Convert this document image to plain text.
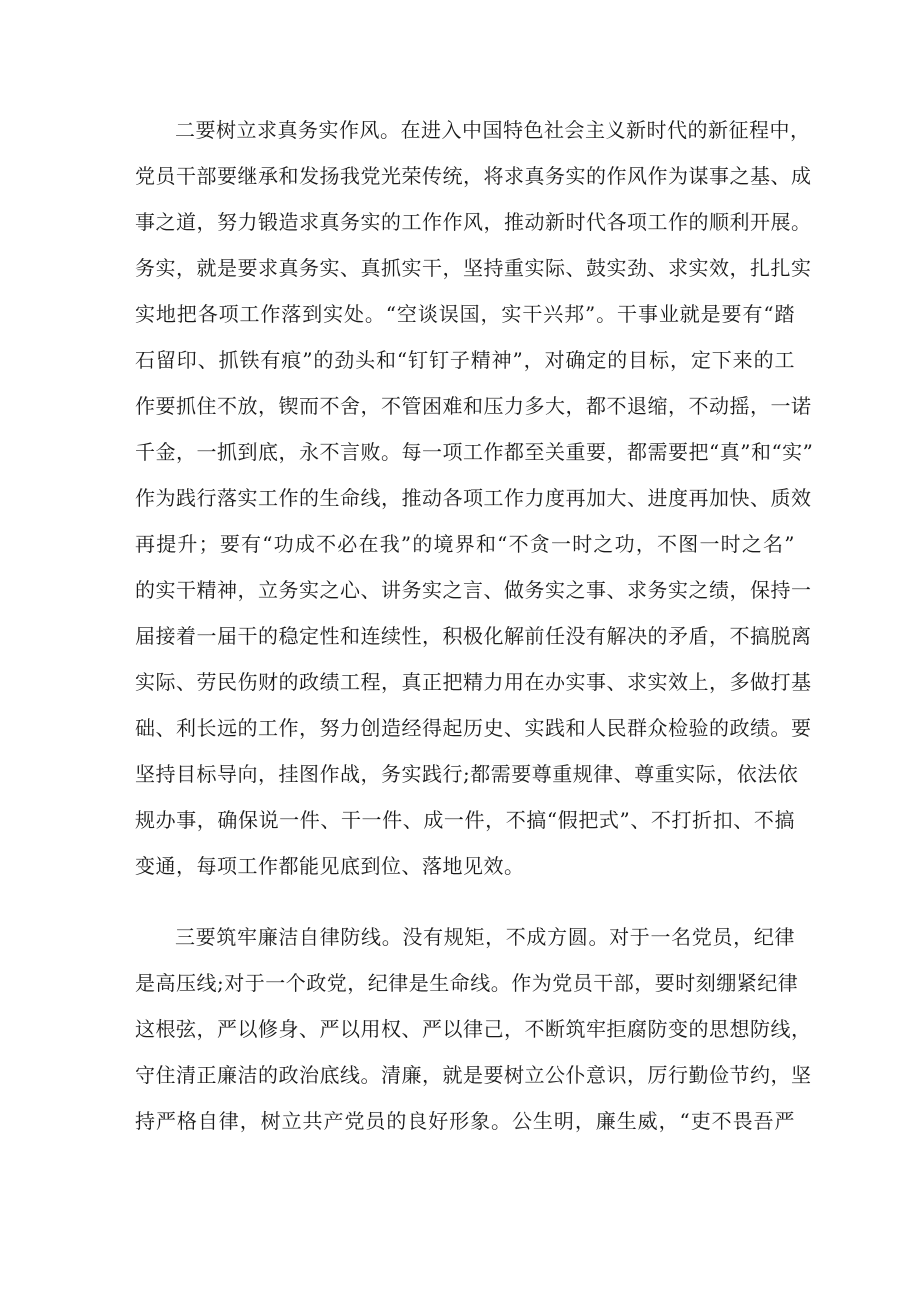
二要树立求真务实作风。在进入中国特色社会主义新时代的新征程中，
党员干部要继承和发扬我党光荣传统，将求真务实的作风作为谋事之基、成
事之道，努力锻造求真务实的工作作风，推动新时代各项工作的顺利开展。
务实，就是要求真务实、真抓实干，坚持重实际、鼓实劲、求实效，扎扎实
实地把各项工作落到实处。“空谈误国，实干兴邦”。干事业就是要有“踏
石留印、抓铁有痕”的劲头和“钉钉子精神”，对确定的目标，定下来的工
作要抓住不放，锲而不舍，不管困难和压力多大，都不退缩，不动摇，一诺
千金，一抓到底，永不言败。每一项工作都至关重要，都需要把“真”和“实”
作为践行落实工作的生命线，推动各项工作力度再加大、进度再加快、质效
再提升；要有“功成不必在我”的境界和“不贪一时之功，不图一时之名”
的实干精神，立务实之心、讲务实之言、做务实之事、求务实之绩，保持一
届接着一届干的稳定性和连续性，积极化解前任没有解决的矛盾，不搞脱离
实际、劳民伤财的政绩工程，真正把精力用在办实事、求实效上，多做打基
础、利长远的工作，努力创造经得起历史、实践和人民群众检验的政绩。要
坚持目标导向，挂图作战，务实践行;都需要尊重规律、尊重实际，依法依
规办事，确保说一件、干一件、成一件，不搞“假把式”、不打折扣、不搞
变通，每项工作都能见底到位、落地见效。
三要筑牢廉洁自律防线。没有规矩，不成方圆。对于一名党员，纪律
是高压线;对于一个政党，纪律是生命线。作为党员干部，要时刻绷紧纪律
这根弦，严以修身、严以用权、严以律己，不断筑牢拒腐防变的思想防线，
守住清正廉洁的政治底线。清廉，就是要树立公仆意识，厉行勤俭节约，坚
持严格自律，树立共产党员的良好形象。公生明，廉生威，“吏不畏吾严
